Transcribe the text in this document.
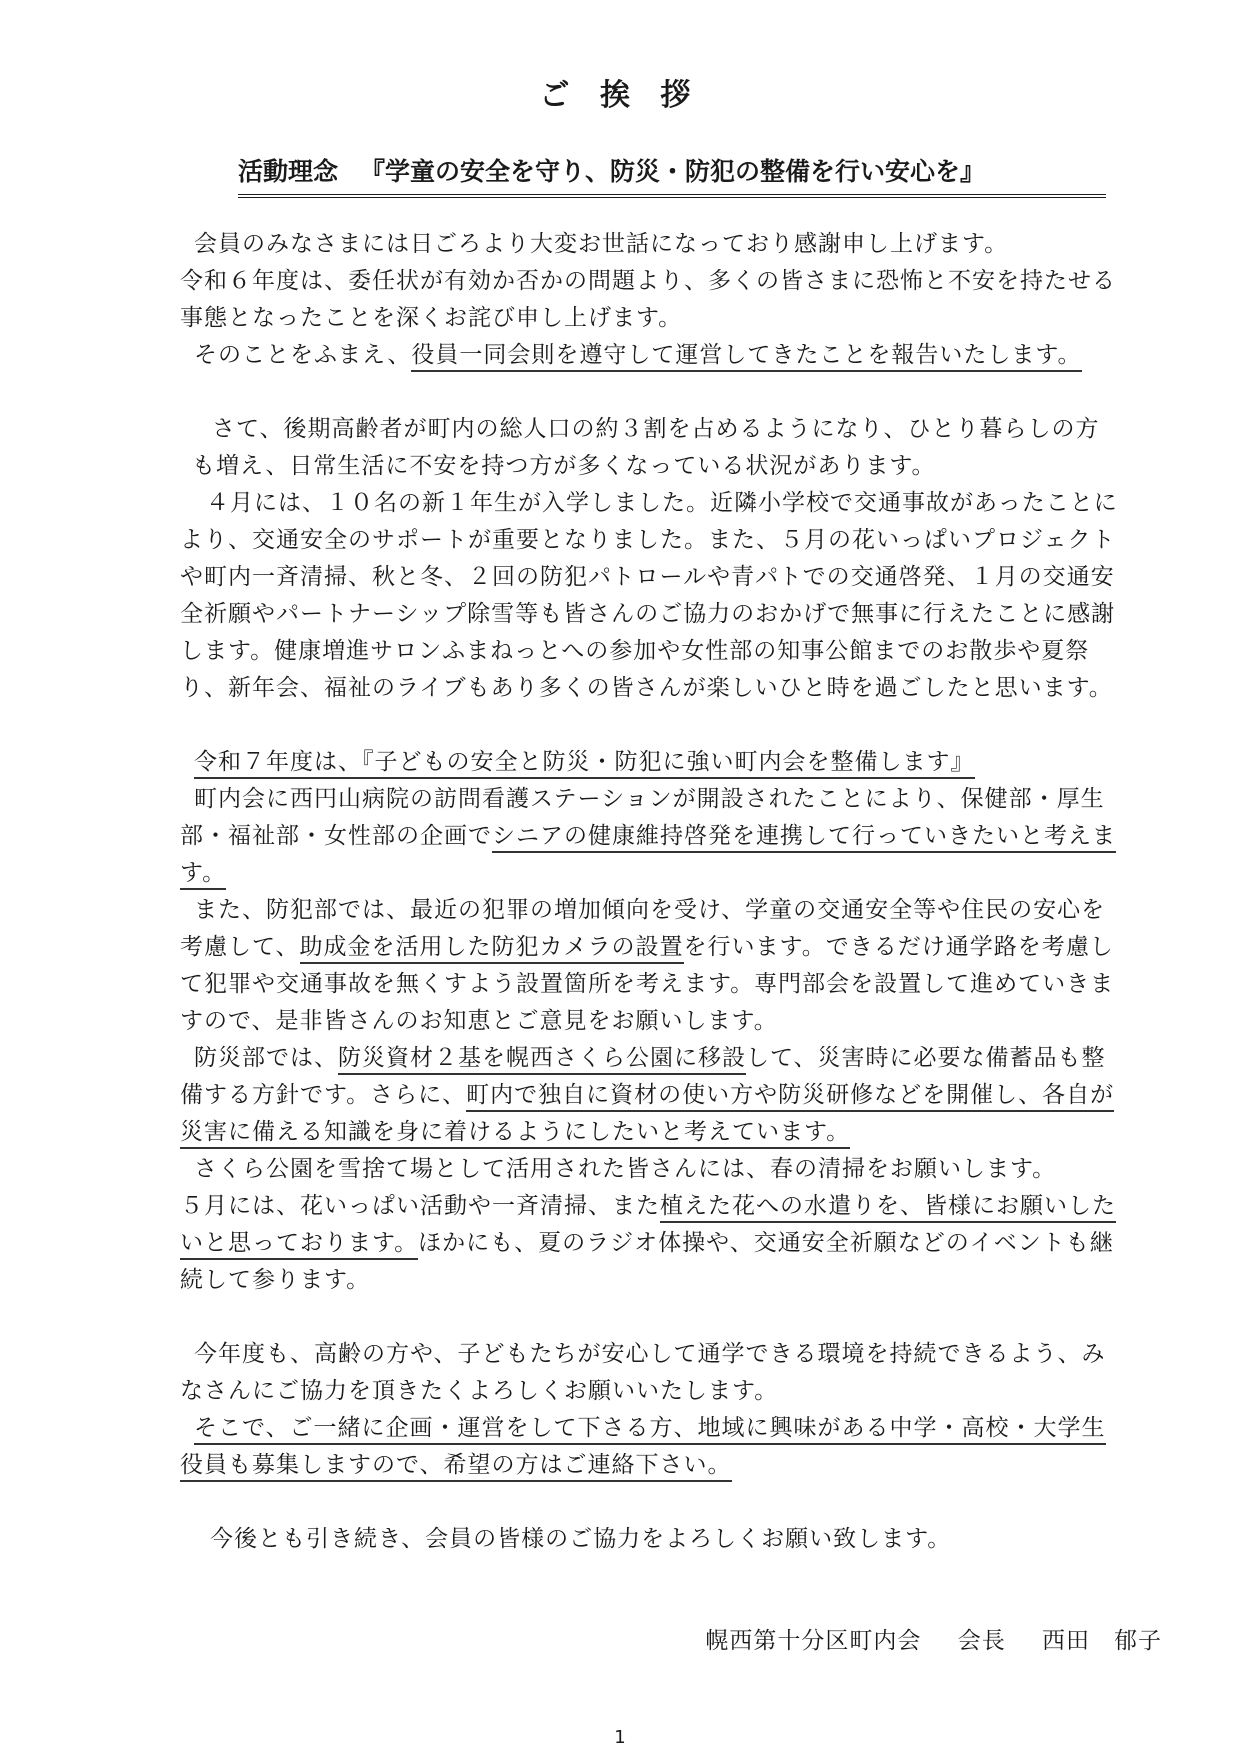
ご 挨 拶
活動理念 『学童の安全を守り、防災・防犯の整備を行い安心を』

会員のみなさまには日ごろより大変お世話になっており感謝申し上げます。

令和６年度は、委任状が有効か否かの問題より、多くの皆さまに恐怖と不安を持たせる

事態となったことを深くお詫び申し上げます。

そのことをふまえ、役員一同会則を遵守して運営してきたことを報告いたします。

さて、後期高齢者が町内の総人口の約３割を占めるようになり、ひとり暮らしの方

も増え、日常生活に不安を持つ方が多くなっている状況があります。

４月には、１０名の新１年生が入学しました。近隣小学校で交通事故があったことに

より、交通安全のサポートが重要となりました。また、５月の花いっぱいプロジェクト

や町内一斉清掃、秋と冬、２回の防犯パトロールや青パトでの交通啓発、１月の交通安

全祈願やパートナーシップ除雪等も皆さんのご協力のおかげで無事に行えたことに感謝

します。健康増進サロンふまねっとへの参加や女性部の知事公館までのお散歩や夏祭

り、新年会、福祉のライブもあり多くの皆さんが楽しいひと時を過ごしたと思います。

令和７年度は、『子どもの安全と防災・防犯に強い町内会を整備します』

町内会に西円山病院の訪問看護ステーションが開設されたことにより、保健部・厚生

部・福祉部・女性部の企画でシニアの健康維持啓発を連携して行っていきたいと考えま

す。

また、防犯部では、最近の犯罪の増加傾向を受け、学童の交通安全等や住民の安心を

考慮して、助成金を活用した防犯カメラの設置を行います。できるだけ通学路を考慮し

て犯罪や交通事故を無くすよう設置箇所を考えます。専門部会を設置して進めていきま

すので、是非皆さんのお知恵とご意見をお願いします。

防災部では、防災資材２基を幌西さくら公園に移設して、災害時に必要な備蓄品も整

備する方針です。さらに、町内で独自に資材の使い方や防災研修などを開催し、各自が

災害に備える知識を身に着けるようにしたいと考えています。

さくら公園を雪捨て場として活用された皆さんには、春の清掃をお願いします。

５月には、花いっぱい活動や一斉清掃、また植えた花への水遣りを、皆様にお願いした

いと思っております。ほかにも、夏のラジオ体操や、交通安全祈願などのイベントも継

続して参ります。

今年度も、高齢の方や、子どもたちが安心して通学できる環境を持続できるよう、み

なさんにご協力を頂きたくよろしくお願いいたします。

そこで、ご一緒に企画・運営をして下さる方、地域に興味がある中学・高校・大学生

役員も募集しますので、希望の方はご連絡下さい。

今後とも引き続き、会員の皆様のご協力をよろしくお願い致します。

幌西第十分区町内会 会長 西田　郁子
1
